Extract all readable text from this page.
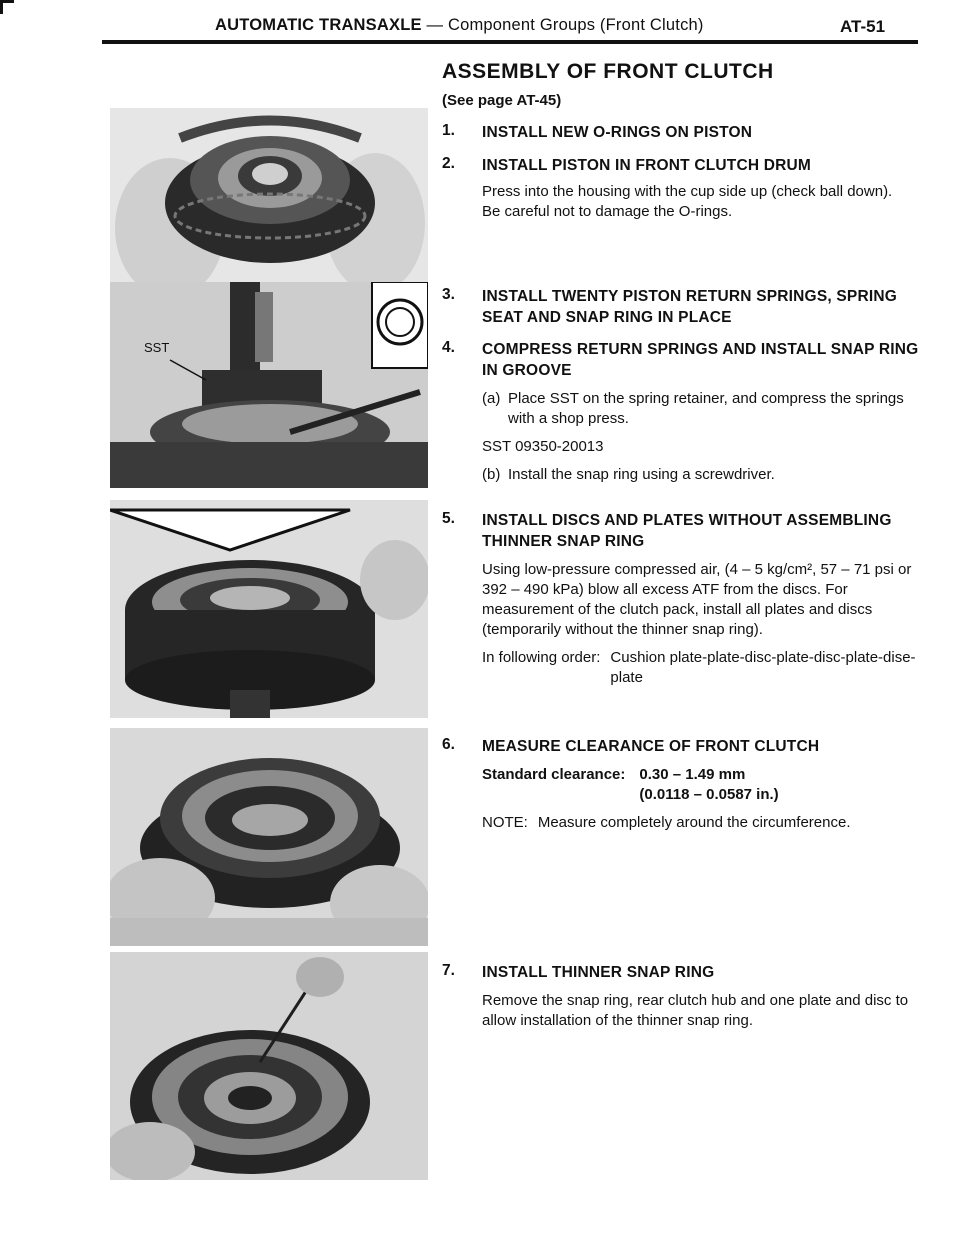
AUTOMATIC TRANSAXLE — Component Groups (Front Clutch)	AT-51
SST
ASSEMBLY OF FRONT CLUTCH
(See page AT-45)
1.	INSTALL NEW O-RINGS ON PISTON
2.	INSTALL PISTON IN FRONT CLUTCH DRUM

Press into the housing with the cup side up (check ball down).

Be careful not to damage the O-rings.

3.	INSTALL TWENTY PISTON RETURN SPRINGS, SPRING SEAT AND SNAP RING IN PLACE
4.	COMPRESS RETURN SPRINGS AND INSTALL SNAP RING IN GROOVE
(a) Place SST on the spring retainer, and compress the springs with a shop press.
SST 09350-20013
(b) Install the snap ring using a screwdriver.
5.	INSTALL DISCS AND PLATES WITHOUT ASSEMBLING THINNER SNAP RING

Using low-pressure compressed air, (4 – 5 kg/cm², 57 – 71 psi or 392 – 490 kPa) blow all excess ATF from the discs. For measurement of the clutch pack, install all plates and discs (temporarily without the thinner snap ring).

In following order: Cushion plate-plate-disc-plate-disc-plate-dise-plate
6.	MEASURE CLEARANCE OF FRONT CLUTCH
Standard clearance: 0.30 – 1.49 mm
(0.0118 – 0.0587 in.)
NOTE: Measure completely around the circumference.
7.	INSTALL THINNER SNAP RING

Remove the snap ring, rear clutch hub and one plate and disc to allow installation of the thinner snap ring.
